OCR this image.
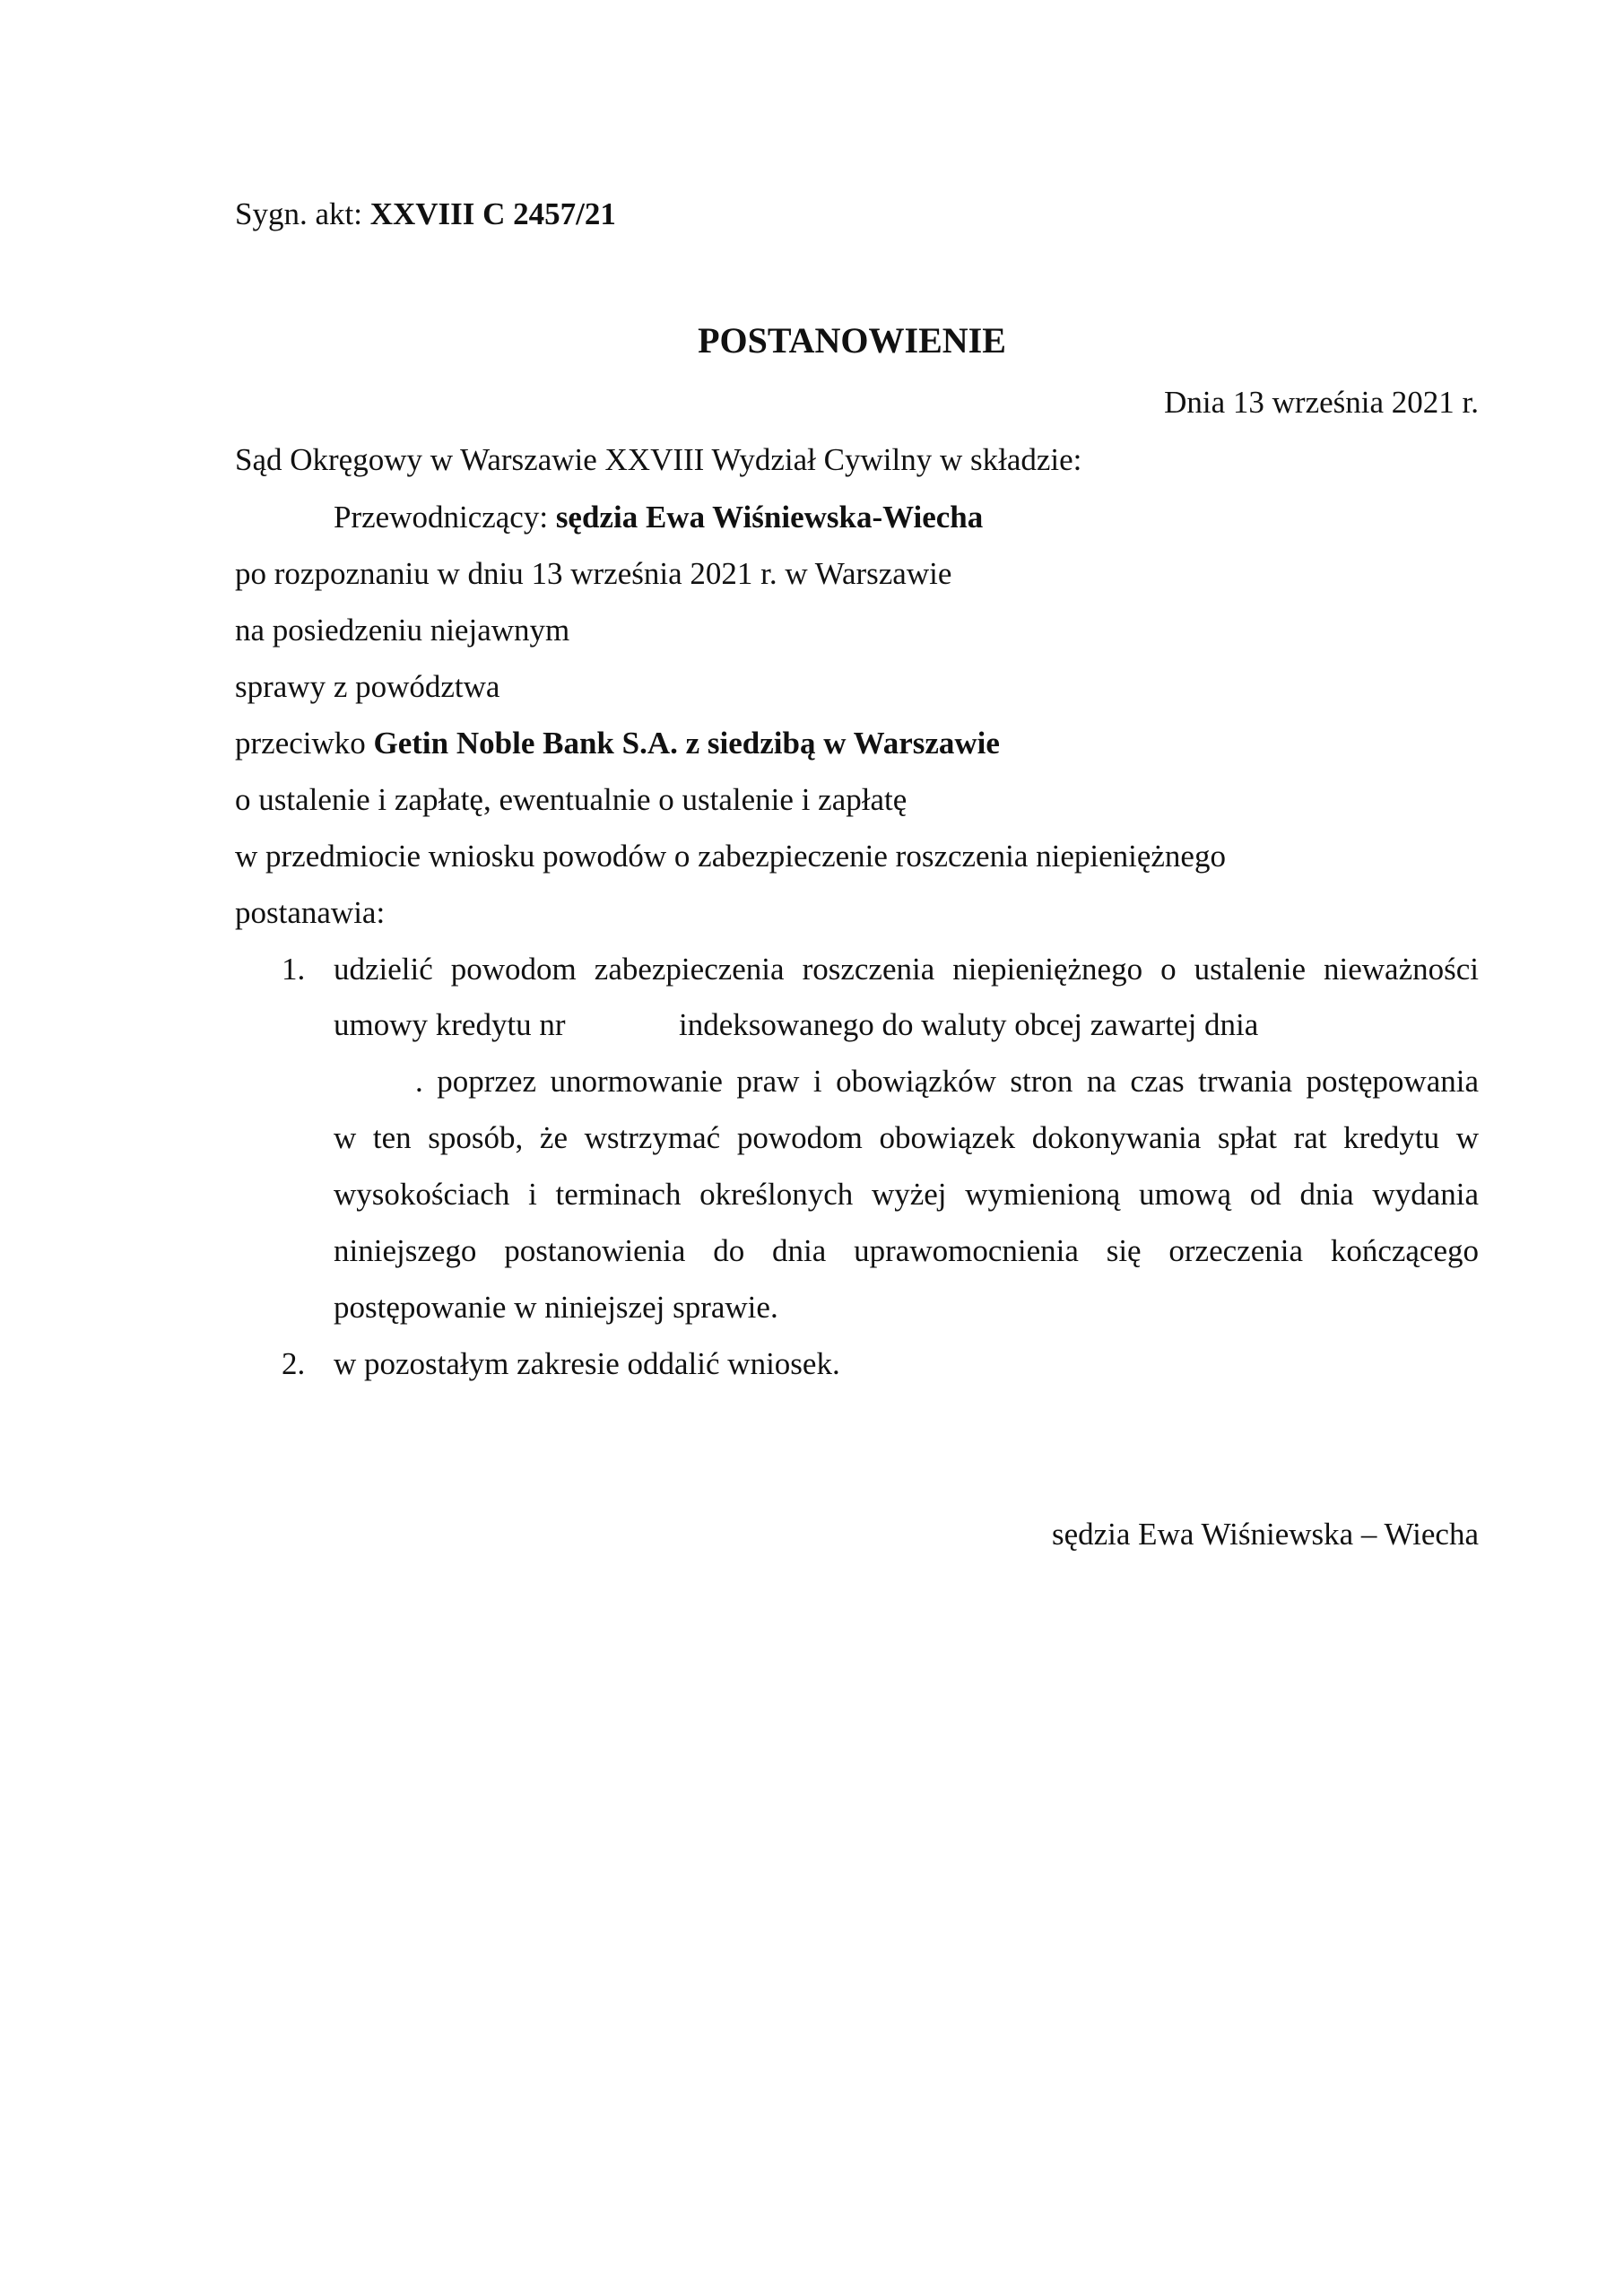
Sygn. akt: XXVIII C 2457/21
POSTANOWIENIE
Dnia 13 września 2021 r.
Sąd Okręgowy w Warszawie XXVIII Wydział Cywilny w składzie:
Przewodniczący: sędzia Ewa Wiśniewska-Wiecha
po rozpoznaniu w dniu 13 września 2021 r. w Warszawie
na posiedzeniu niejawnym
sprawy z powództwa
przeciwko Getin Noble Bank S.A. z siedzibą w Warszawie
o ustalenie i zapłatę, ewentualnie o ustalenie i zapłatę
w przedmiocie wniosku powodów o zabezpieczenie roszczenia niepieniężnego
postanawia:
1. udzielić powodom zabezpieczenia roszczenia niepieniężnego o ustalenie nieważności
umowy kredytu nr	indeksowanego do waluty obcej zawartej dnia
. poprzez unormowanie praw i obowiązków stron na czas trwania postępowania
w ten sposób, że wstrzymać powodom obowiązek dokonywania spłat rat kredytu w
wysokościach i terminach określonych wyżej wymienioną umową od dnia wydania
niniejszego postanowienia do dnia uprawomocnienia się orzeczenia kończącego
postępowanie w niniejszej sprawie.
2. w pozostałym zakresie oddalić wniosek.
sędzia Ewa Wiśniewska – Wiecha
